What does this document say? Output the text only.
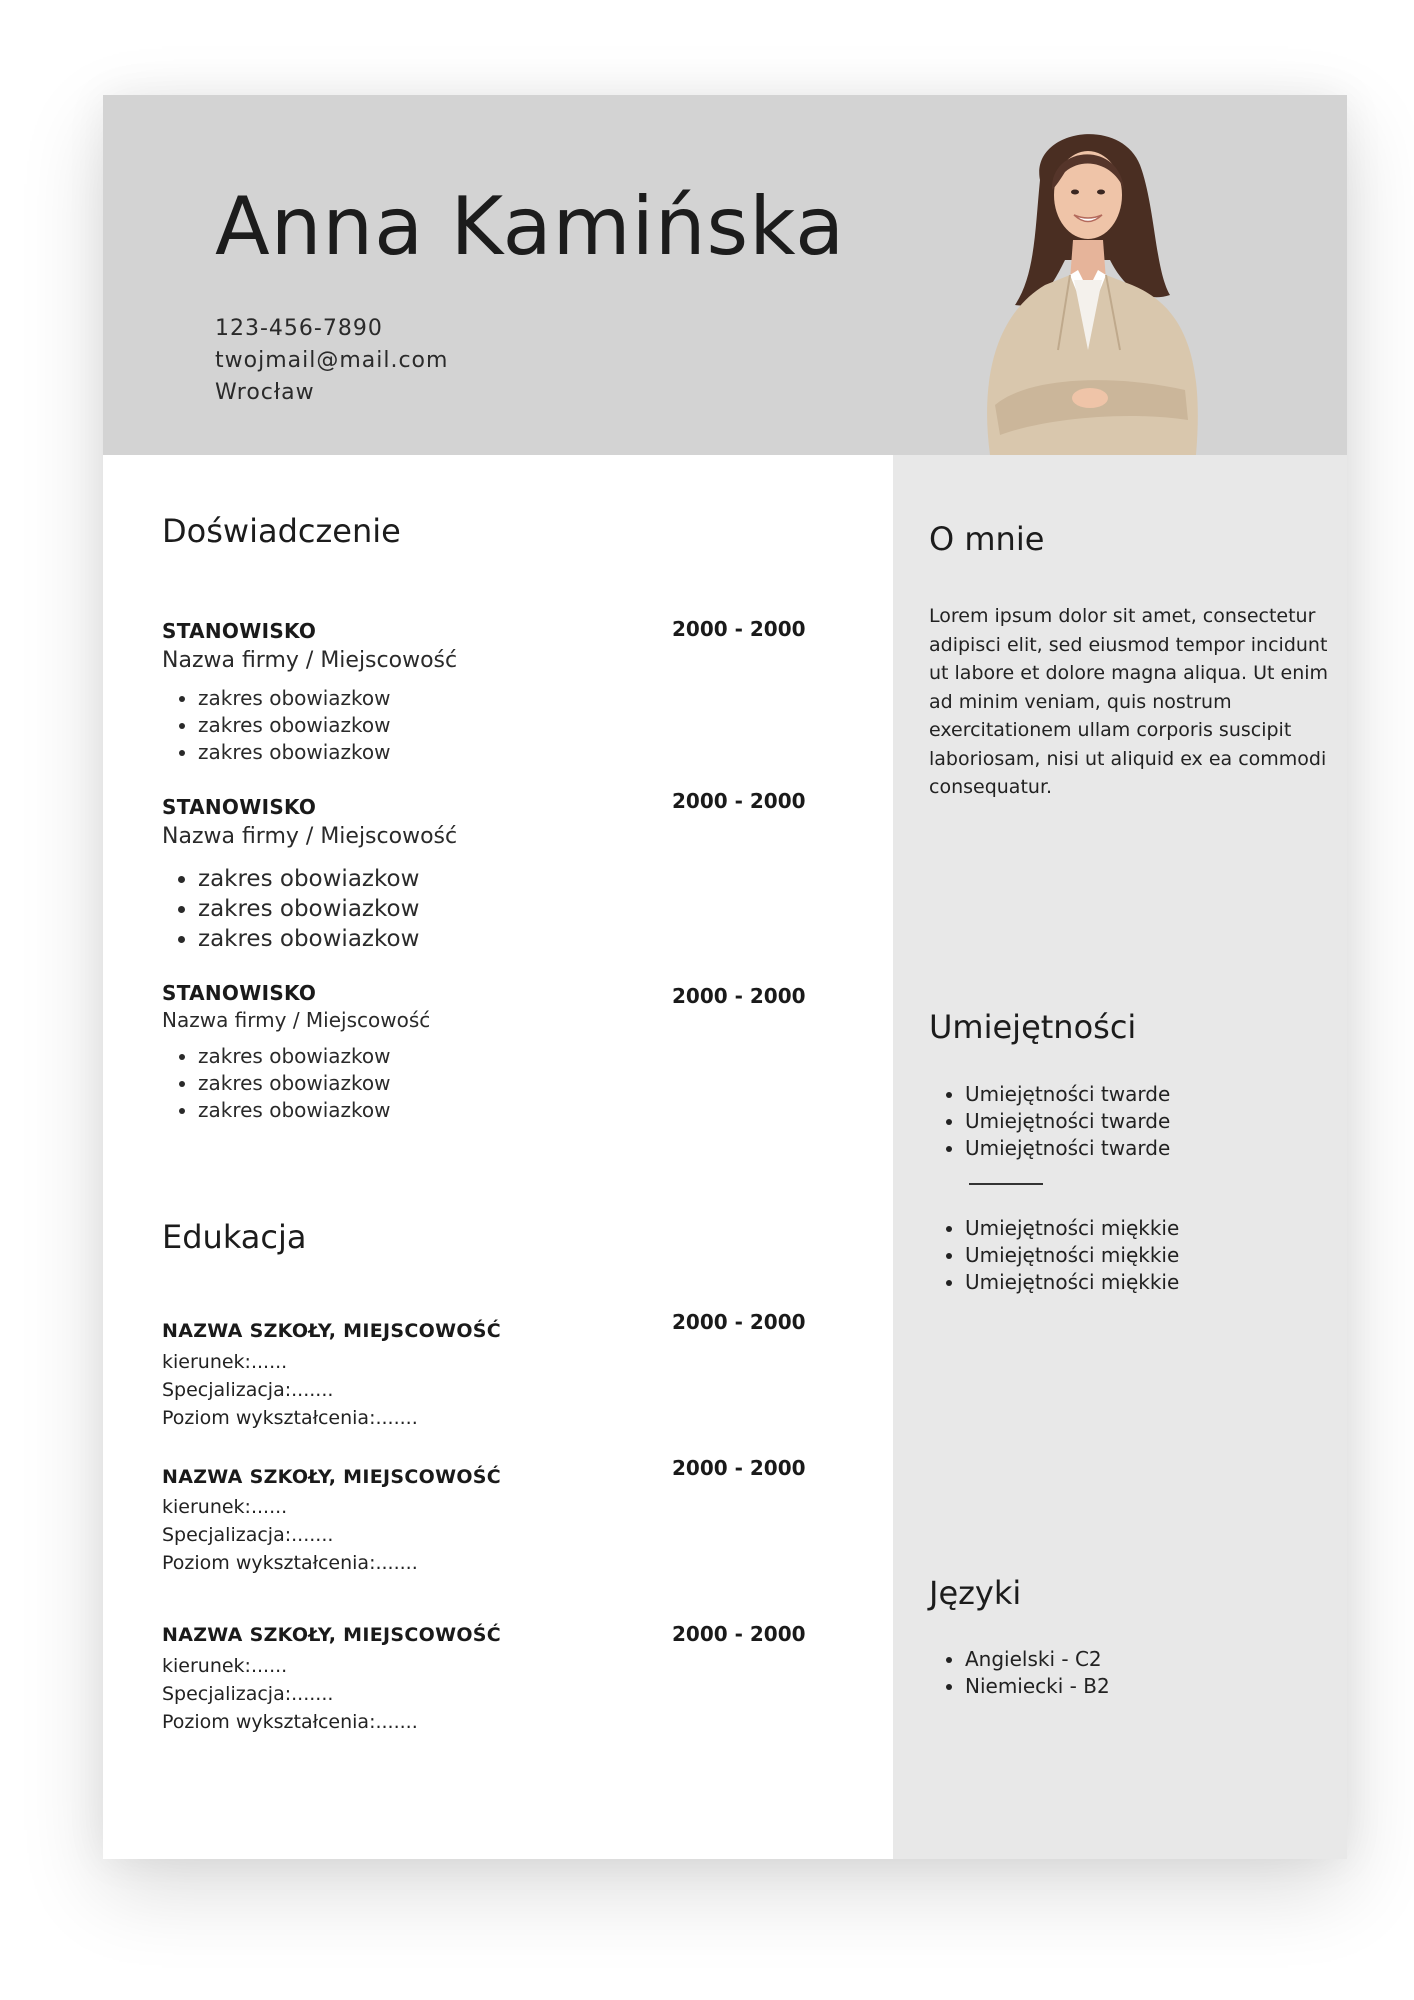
Anna Kamińska
123-456-7890
twojmail@mail.com
Wrocław
Doświadczenie
STANOWISKO	2000 - 2000
Nazwa firmy / Miejscowość
• zakres obowiazkow
• zakres obowiazkow
• zakres obowiazkow
STANOWISKO	2000 - 2000
Nazwa firmy / Miejscowość
• zakres obowiazkow
• zakres obowiazkow
• zakres obowiazkow
STANOWISKO	2000 - 2000
Nazwa firmy / Miejscowość
• zakres obowiazkow
• zakres obowiazkow
• zakres obowiazkow
Edukacja
NAZWA SZKOŁY, MIEJSCOWOŚĆ	2000 - 2000
kierunek:......
Specjalizacja:.......
Poziom wykształcenia:.......
NAZWA SZKOŁY, MIEJSCOWOŚĆ	2000 - 2000
kierunek:......
Specjalizacja:.......
Poziom wykształcenia:.......
NAZWA SZKOŁY, MIEJSCOWOŚĆ	2000 - 2000
kierunek:......
Specjalizacja:.......
Poziom wykształcenia:.......
O mnie
Lorem ipsum dolor sit amet, consectetur adipisci elit, sed eiusmod tempor incidunt ut labore et dolore magna aliqua. Ut enim ad minim veniam, quis nostrum exercitationem ullam corporis suscipit laboriosam, nisi ut aliquid ex ea commodi consequatur.
Umiejętności
• Umiejętności twarde
• Umiejętności twarde
• Umiejętności twarde
• Umiejętności miękkie
• Umiejętności miękkie
• Umiejętności miękkie
Języki
• Angielski - C2
• Niemiecki - B2
